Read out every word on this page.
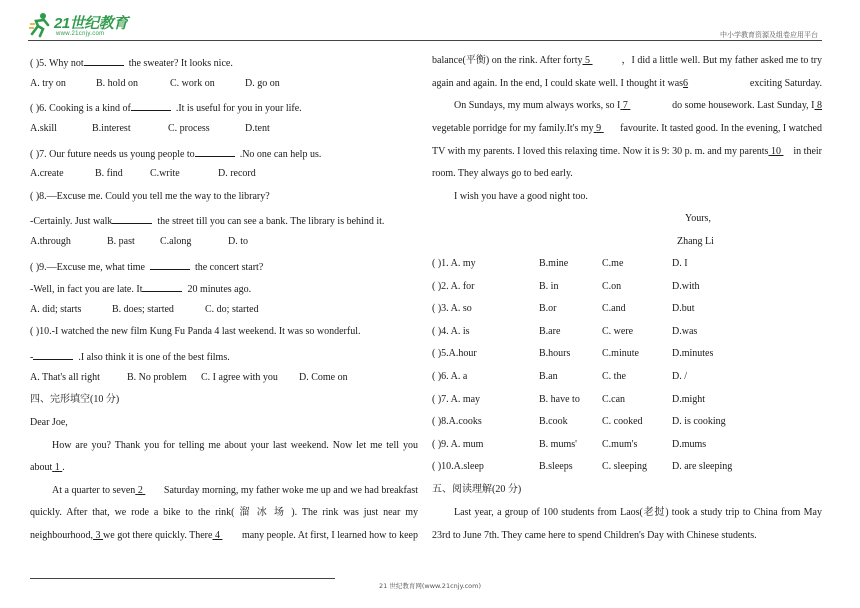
21世纪教育
www.21cnjy.com	中小学教育资源及组卷应用平台
( )5. Why not	the sweater? It looks nice.
A. try on	B. hold on	C. work on	D. go on
( )6. Cooking is a kind of	.It is useful for you in your life.
A.skill	B.interest	C. process	D.tent
( )7. Our future needs us young people to	.No one can help us.
A.create	B. find	C.write	D. record
( )8.—Excuse me. Could you tell me the way to the library?
-Certainly. Just walk	the street till you can see a bank. The library is behind it.
A.through	B. past	C.along	D. to
( )9.—Excuse me, what time	the concert start?
-Well, in fact you are late. It	20 minutes ago.
A. did; starts	B. does; started	C. do; started
( )10.-I watched the new film Kung Fu Panda 4 last weekend. It was so wonderful.
-	.I also think it is one of the best films.
A. That's all right	B. No problem C. I agree with you D. Come on
四、完形填空(10 分)
Dear Joe,
How are you? Thank you for telling me about your last weekend. Now let me tell you
about 1 .
At a quarter to seven 2 Saturday morning, my father woke me up and we had breakfast
quickly. After that, we rode a bike to the rink( 溜 冰 场 ). The rink was just near my
neighbourhood, 3 we got there quickly. There 4 many people. At first, I learned how to keep
balance(平衡) on the rink. After forty 5	，I did a little well. But my father asked me to try
again and again. In the end, I could skate well. I thought it was6	exciting Saturday.
On Sundays, my mum always works, so I 7	do some housework. Last Sunday, I 8
vegetable porridge for my family.It's my 9 favourite. It tasted good. In the evening, I watched
TV with my parents. I loved this relaxing time. Now it is 9: 30 p. m. and my parents 10 in their
room. They always go to bed early.
I wish you have a good night too.
Yours,
Zhang Li
( )1. A. my	B.mine	C.me	D. I
( )2. A. for	B. in	C.on	D.with
( )3. A. so	B.or	C.and	D.but
( )4. A. is	B.are	C. were	D.was
( )5.A.hour	B.hours	C.minute	D.minutes
( )6. A. a	B.an	C. the	D. /
( )7. A. may	B. have to C.can	D.might
( )8.A.cooks	B.cook	C. cooked	D. is cooking
( )9. A. mum	B. mums'	C.mum's	D.mums
( )10.A.sleep	B.sleeps	C. sleeping	D. are sleeping
五、阅读理解(20 分)
Last year, a group of 100 students from Laos(老挝) took a study trip to China from May
23rd to June 7th. They came here to spend Children's Day with Chinese students.
21 世纪教育网(www.21cnjy.com)
